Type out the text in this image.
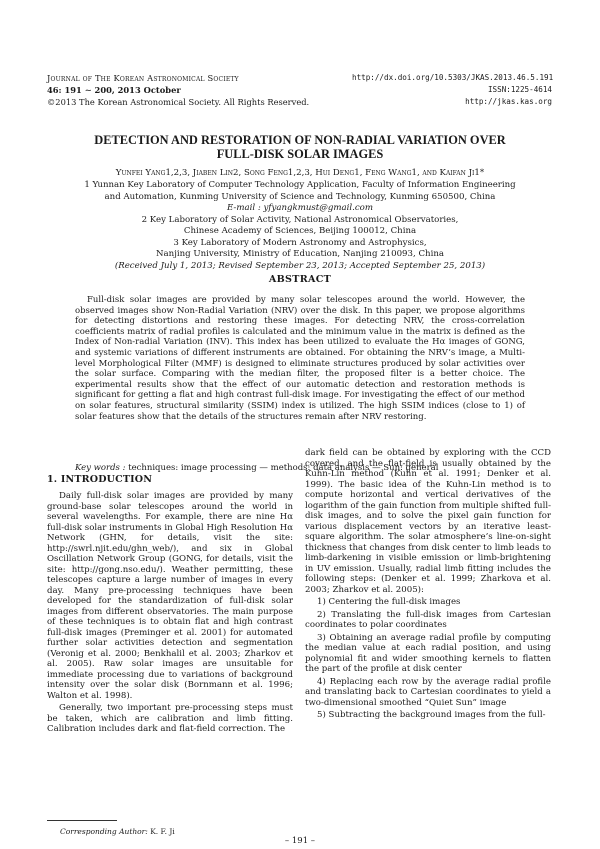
Journal of The Korean Astronomical Society
46: 191 ∼ 200, 2013 October
©2013 The Korean Astronomical Society. All Rights Reserved.
http://dx.doi.org/10.5303/JKAS.2013.46.5.191
ISSN:1225-4614
http://jkas.kas.org
DETECTION AND RESTORATION OF NON-RADIAL VARIATION OVER
FULL-DISK SOLAR IMAGES
Yunfei Yang1,2,3, Jiaben Lin2, Song Feng1,2,3, Hui Deng1, Feng Wang1, and Kaifan Ji1*
1 Yunnan Key Laboratory of Computer Technology Application, Faculty of Information Engineering
and Automation, Kunming University of Science and Technology, Kunming 650500, China
E-mail : yfyangkmust@gmail.com
2 Key Laboratory of Solar Activity, National Astronomical Observatories,
Chinese Academy of Sciences, Beijing 100012, China
3 Key Laboratory of Modern Astronomy and Astrophysics,
Nanjing University, Ministry of Education, Nanjing 210093, China
(Received July 1, 2013; Revised September 23, 2013; Accepted September 25, 2013)
ABSTRACT
Full-disk solar images are provided by many solar telescopes around the world. However, the observed images show Non-Radial Variation (NRV) over the disk. In this paper, we propose algorithms for detecting distortions and restoring these images. For detecting NRV, the cross-correlation coefficients matrix of radial profiles is calculated and the minimum value in the matrix is defined as the Index of Non-radial Variation (INV). This index has been utilized to evaluate the Hα images of GONG, and systemic variations of different instruments are obtained. For obtaining the NRV’s image, a Multi-level Morphological Filter (MMF) is designed to eliminate structures produced by solar activities over the solar surface. Comparing with the median filter, the proposed filter is a better choice. The experimental results show that the effect of our automatic detection and restoration methods is significant for getting a flat and high contrast full-disk image. For investigating the effect of our method on solar features, structural similarity (SSIM) index is utilized. The high SSIM indices (close to 1) of solar features show that the details of the structures remain after NRV restoring.
Key words : techniques: image processing — methods: data analysis — Sun: general
1. INTRODUCTION

Daily full-disk solar images are provided by many ground-base solar telescopes around the world in several wavelengths. For example, there are nine Hα full-disk solar instruments in Global High Resolution Hα Network (GHN, for details, visit the site: http://swrl.njit.edu/ghn_web/), and six in Global Oscillation Network Group (GONG, for details, visit the site: http://gong.nso.edu/). Weather permitting, these telescopes capture a large number of images in every day. Many pre-processing techniques have been developed for the standardization of full-disk solar images from different observatories. The main purpose of these techniques is to obtain flat and high contrast full-disk images (Preminger et al. 2001) for automated further solar activities detection and segmentation (Veronig et al. 2000; Benkhalil et al. 2003; Zharkov et al. 2005). Raw solar images are unsuitable for immediate processing due to variations of background intensity over the solar disk (Bornmann et al. 1996; Walton et al. 1998).

Generally, two important pre-processing steps must be taken, which are calibration and limb fitting. Calibration includes dark and flat-field correction. The

dark field can be obtained by exploring with the CCD covered, and the flat-field is usually obtained by the Kuhn-Lin method (Kuhn et al. 1991; Denker et al. 1999). The basic idea of the Kuhn-Lin method is to compute horizontal and vertical derivatives of the logarithm of the gain function from multiple shifted full-disk images, and to solve the pixel gain function for various displacement vectors by an iterative least-square algorithm. The solar atmosphere’s line-on-sight thickness that changes from disk center to limb leads to limb-darkening in visible emission or limb-brightening in UV emission. Usually, radial limb fitting includes the following steps: (Denker et al. 1999; Zharkova et al. 2003; Zharkov et al. 2005):

1) Centering the full-disk images

2) Translating the full-disk images from Cartesian coordinates to polar coordinates

3) Obtaining an average radial profile by computing the median value at each radial position, and using polynomial fit and wider smoothing kernels to flatten the part of the profile at disk center

4) Replacing each row by the average radial profile and translating back to Cartesian coordinates to yield a two-dimensional smoothed “Quiet Sun” image

5) Subtracting the background images from the full-

Corresponding Author: K. F. Ji
– 191 –
